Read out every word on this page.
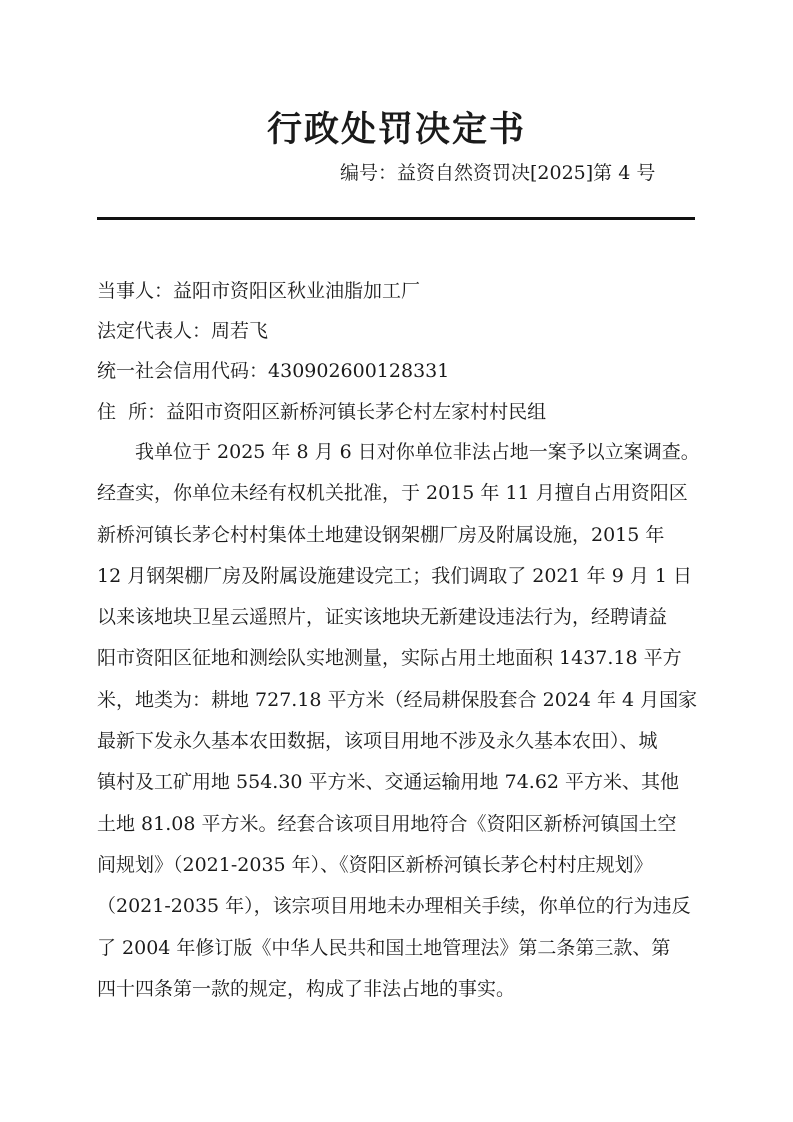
行政处罚决定书
编号：益资自然资罚决[2025]第 4 号
当事人：益阳市资阳区秋业油脂加工厂
法定代表人：周若飞
统一社会信用代码：430902600128331
住  所：益阳市资阳区新桥河镇长茅仑村左家村村民组
我单位于 2025 年 8 月 6 日对你单位非法占地一案予以立案调查。
经查实，你单位未经有权机关批准，于 2015 年 11 月擅自占用资阳区
新桥河镇长茅仑村村集体土地建设钢架棚厂房及附属设施，2015 年
12 月钢架棚厂房及附属设施建设完工；我们调取了 2021 年 9 月 1 日
以来该地块卫星云遥照片，证实该地块无新建设违法行为，经聘请益
阳市资阳区征地和测绘队实地测量，实际占用土地面积 1437.18 平方
米，地类为：耕地 727.18 平方米（经局耕保股套合 2024 年 4 月国家
最新下发永久基本农田数据，该项目用地不涉及永久基本农田）、城
镇村及工矿用地 554.30 平方米、交通运输用地 74.62 平方米、其他
土地 81.08 平方米。经套合该项目用地符合《资阳区新桥河镇国土空
间规划》（2021-2035 年）、《资阳区新桥河镇长茅仑村村庄规划》
（2021-2035 年），该宗项目用地未办理相关手续，你单位的行为违反
了 2004 年修订版《中华人民共和国土地管理法》第二条第三款、第
四十四条第一款的规定，构成了非法占地的事实。
